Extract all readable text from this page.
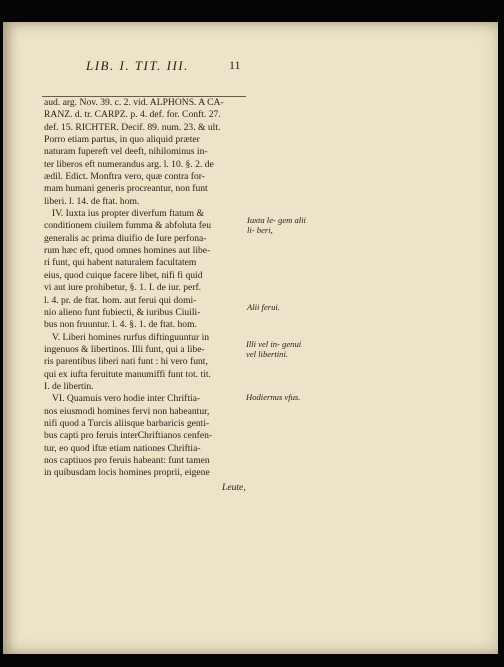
LIB. I. TIT. III.	11
aud. arg. Nov. 39. c. 2. vid. ALPHONS. A CA-
RANZ. d. tr. CARPZ. p. 4. def. for. Conft. 27.
def. 15. RICHTER. Decif. 89. num. 23. & ult.
Porro etiam partus, in quo aliquid præter
naturam fupereft vel deeft, nihilominus in-
ter liberos eft numerandus arg. l. 10. §. 2. de
ædil. Edict. Monftra vero, quæ contra for-
mam humani generis procreantur, non funt
liberi. l. 14. de ftat. hom.
IV. Iuxta ius propter diverfum ftatum &
conditionem ciuilem fumma & abfoluta feu
generalis ac prima diuifio de Iure perfona-
rum hæc eft, quod omnes homines aut libe-
ri funt, qui habent naturalem facultatem
eius, quod cuique facere libet, nifi fi quid
vi aut iure prohibetur, §. 1. I. de iur. perf.
l. 4. pr. de ftat. hom. aut ferui qui domi-
nio alieno funt fubiecti, & iuribus Ciuili-
bus non fruuntur. l. 4. §. 1. de ftat. hom.
V. Liberi homines rurfus diftinguuntur in
ingenuos & libertinos. Illi funt, qui a libe-
ris parentibus liberi nati funt : hi vero funt,
qui ex iufta feruitute manumiffi funt tot. tit.
I. de libertin.
VI. Quamuis vero hodie inter Chriftia-
nos eiusmodi homines fervi non habeantur,
nifi quod a Turcis aliisque barbaricis genti-
bus capti pro feruis interChriftianos cenfen-
tur, eo quod iftæ etiam nationes Chriftia-
nos captiuos pro feruis habeant: funt tamen
in quibusdam locis homines proprii, eigene
Iuxta le- gem alii li- beri,
Alii ferui.
Illi vel in- genui vel libertini.
Hodiernus vfus.
Leute,
